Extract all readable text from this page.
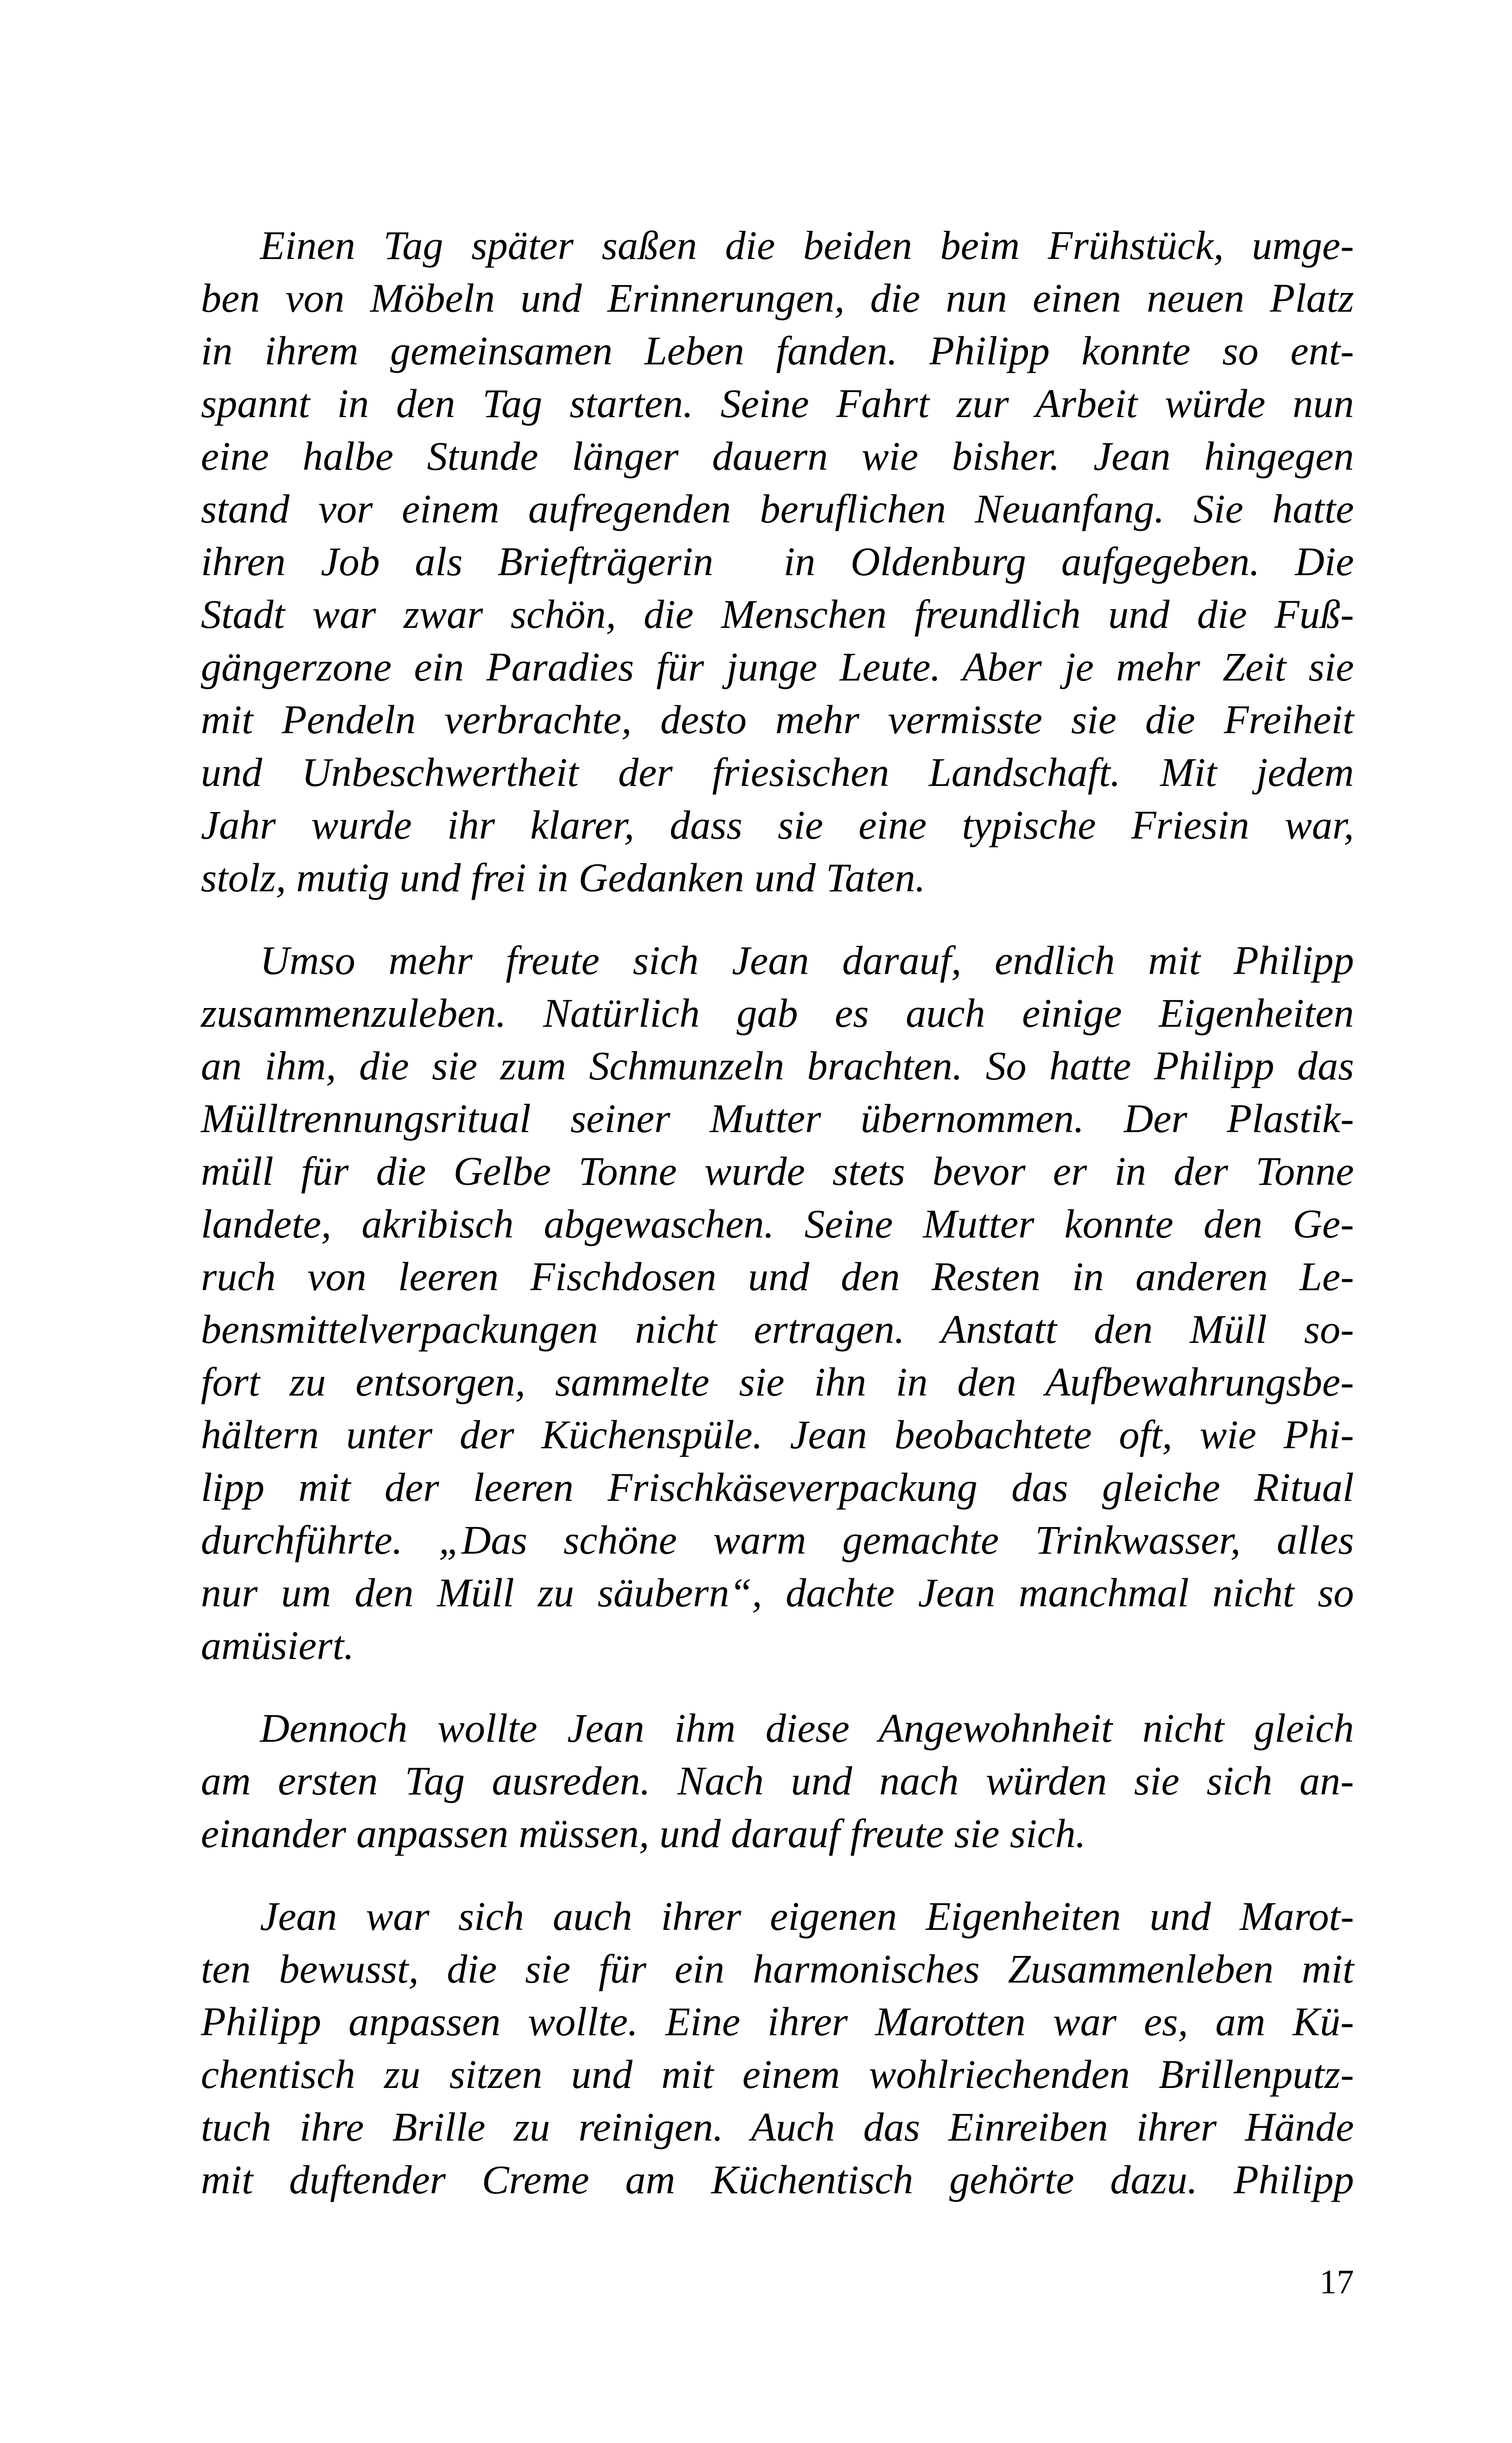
Einen Tag später saßen die beiden beim Frühstück, umge-
ben von Möbeln und Erinnerungen, die nun einen neuen Platz
in ihrem gemeinsamen Leben fanden. Philipp konnte so ent-
spannt in den Tag starten. Seine Fahrt zur Arbeit würde nun
eine halbe Stunde länger dauern wie bisher. Jean hingegen
stand vor einem aufregenden beruflichen Neuanfang. Sie hatte
ihren Job als Briefträgerin  in Oldenburg aufgegeben. Die
Stadt war zwar schön, die Menschen freundlich und die Fuß-
gängerzone ein Paradies für junge Leute. Aber je mehr Zeit sie
mit Pendeln verbrachte, desto mehr vermisste sie die Freiheit
und Unbeschwertheit der friesischen Landschaft. Mit jedem
Jahr wurde ihr klarer, dass sie eine typische Friesin war,
stolz, mutig und frei in Gedanken und Taten.
Umso mehr freute sich Jean darauf, endlich mit Philipp
zusammenzuleben. Natürlich gab es auch einige Eigenheiten
an ihm, die sie zum Schmunzeln brachten. So hatte Philipp das
Mülltrennungsritual seiner Mutter übernommen. Der Plastik-
müll für die Gelbe Tonne wurde stets bevor er in der Tonne
landete, akribisch abgewaschen. Seine Mutter konnte den Ge-
ruch von leeren Fischdosen und den Resten in anderen Le-
bensmittelverpackungen nicht ertragen. Anstatt den Müll so-
fort zu entsorgen, sammelte sie ihn in den Aufbewahrungsbe-
hältern unter der Küchenspüle. Jean beobachtete oft, wie Phi-
lipp mit der leeren Frischkäseverpackung das gleiche Ritual
durchführte. „Das schöne warm gemachte Trinkwasser, alles
nur um den Müll zu säubern“, dachte Jean manchmal nicht so
amüsiert.
Dennoch wollte Jean ihm diese Angewohnheit nicht gleich
am ersten Tag ausreden. Nach und nach würden sie sich an-
einander anpassen müssen, und darauf freute sie sich.
Jean war sich auch ihrer eigenen Eigenheiten und Marot-
ten bewusst, die sie für ein harmonisches Zusammenleben mit
Philipp anpassen wollte. Eine ihrer Marotten war es, am Kü-
chentisch zu sitzen und mit einem wohlriechenden Brillenputz-
tuch ihre Brille zu reinigen. Auch das Einreiben ihrer Hände
mit duftender Creme am Küchentisch gehörte dazu. Philipp
17
